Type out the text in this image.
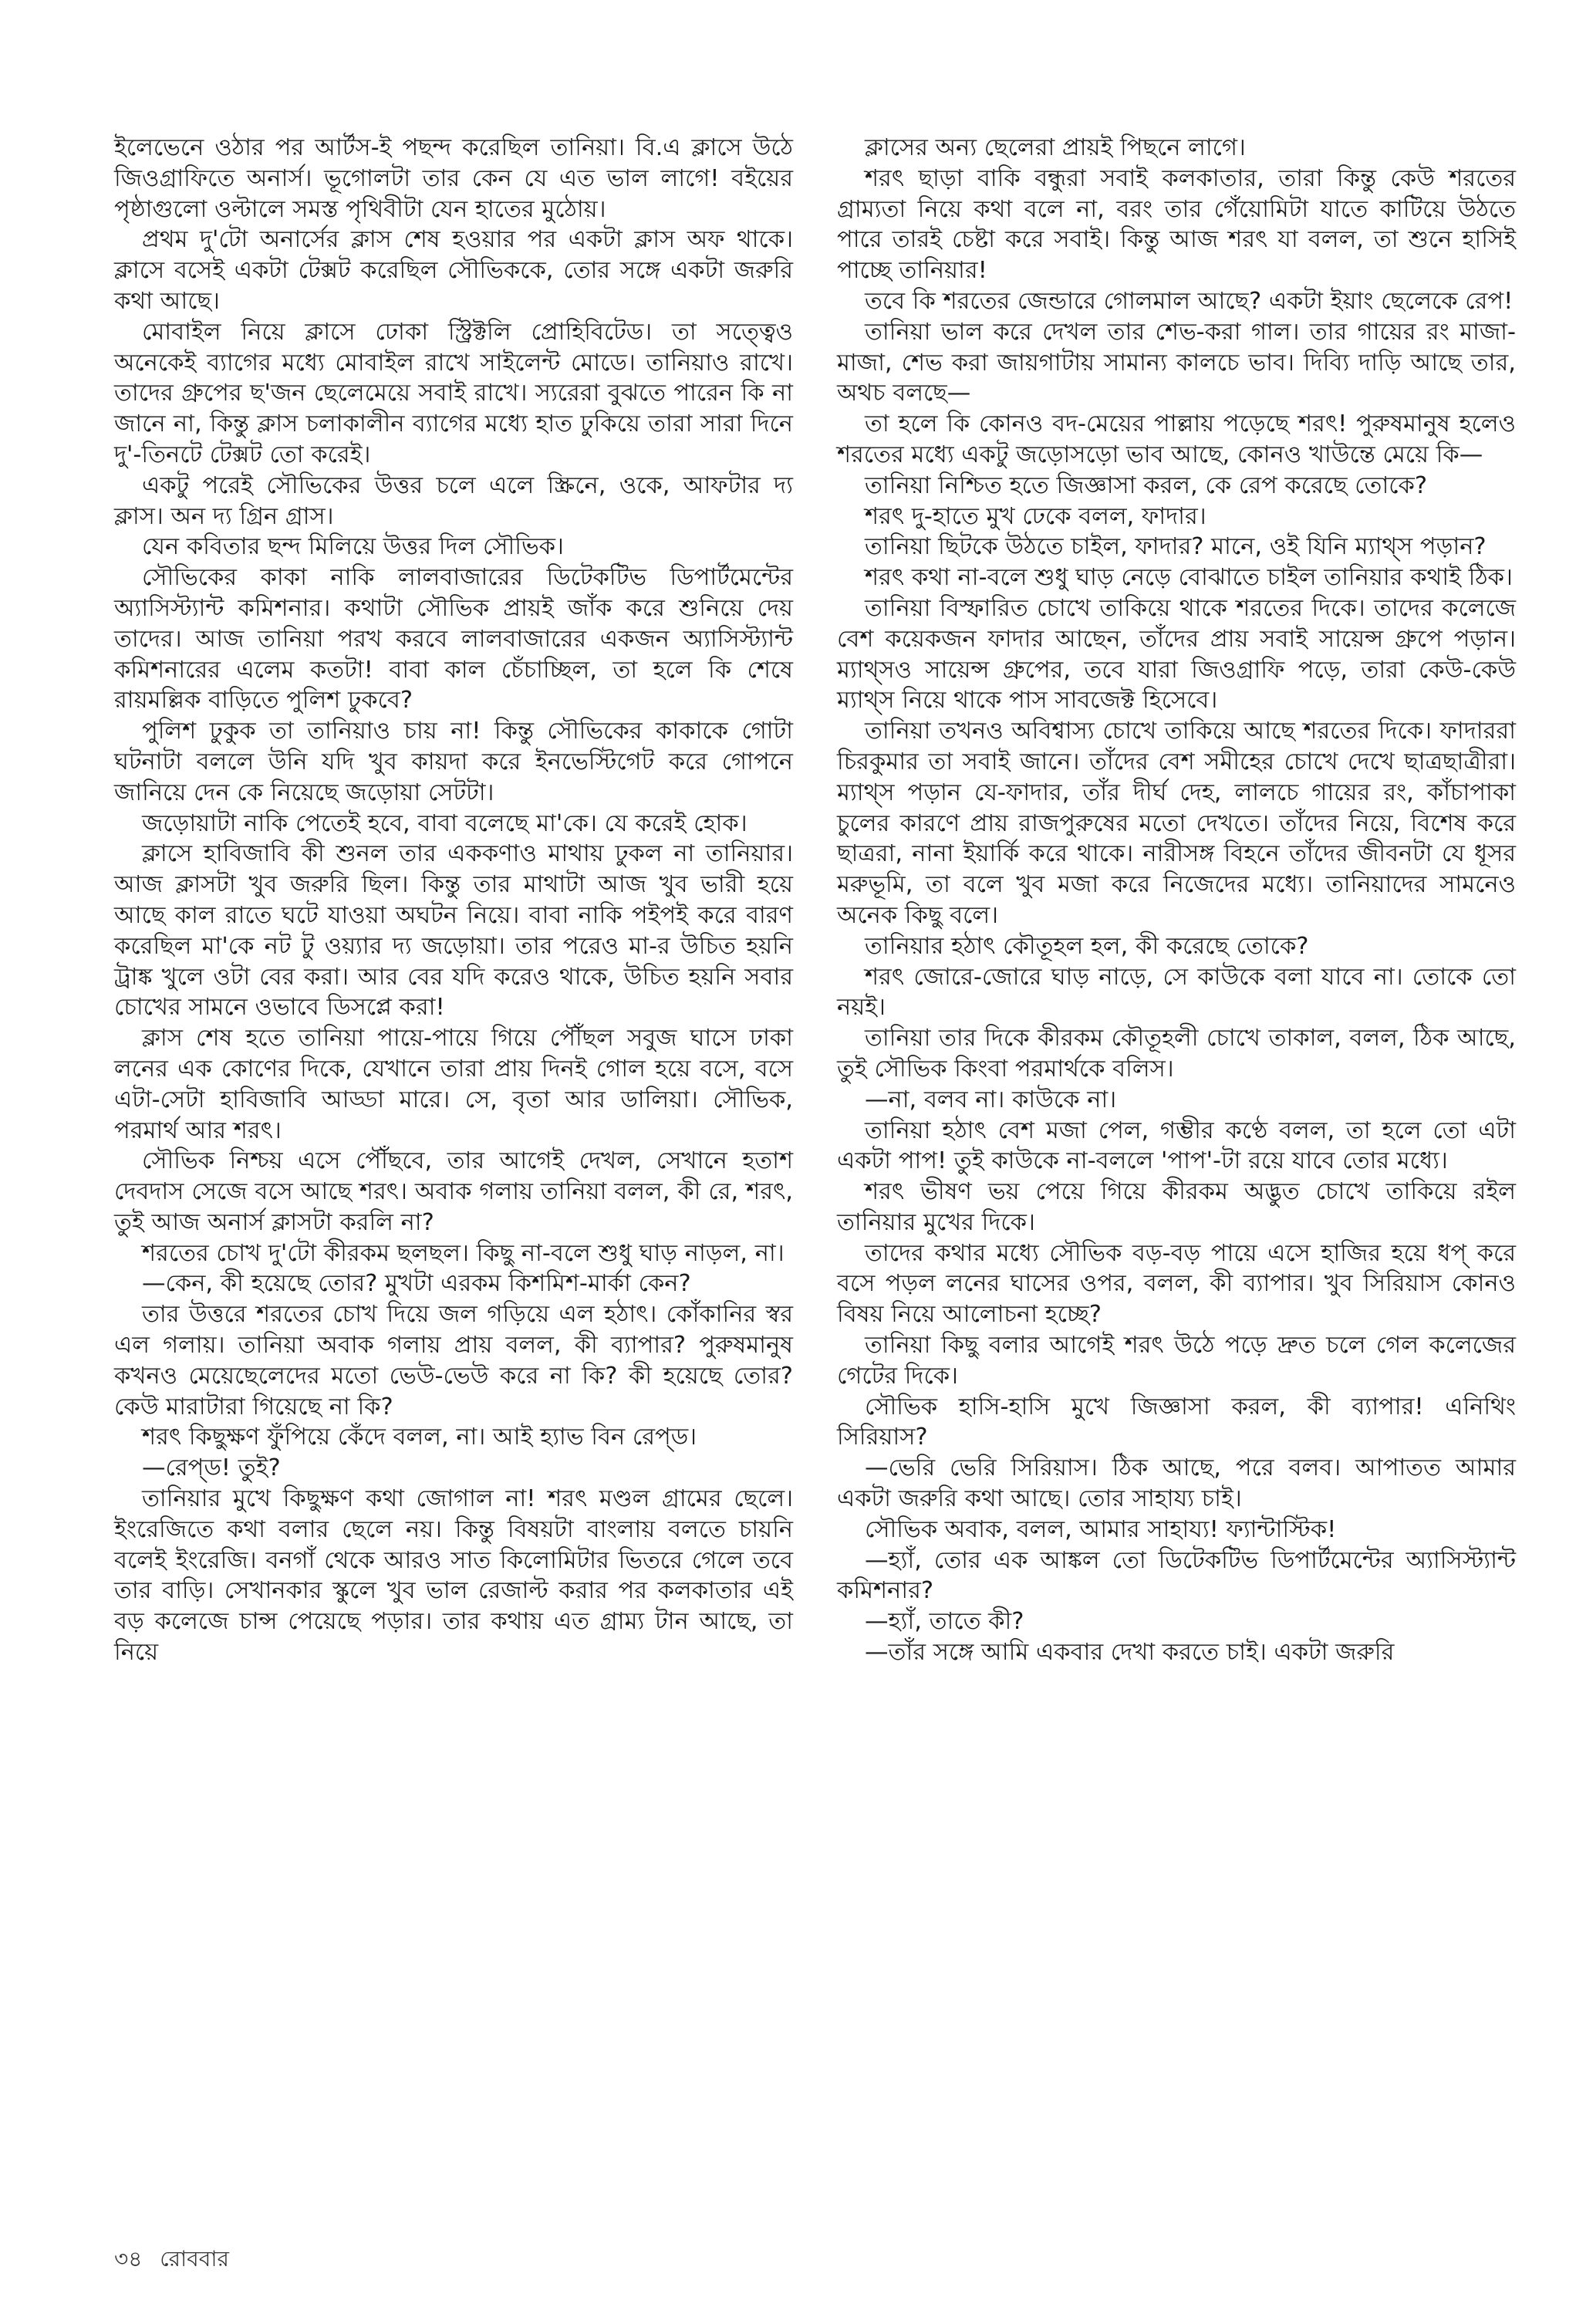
ইলেভেনে ওঠার পর আর্টস-ই পছন্দ করেছিল তানিয়া। বি.এ ক্লাসে উঠে জিওগ্রাফিতে অনার্স। ভূগোলটা তার কেন যে এত ভাল লাগে! বইয়ের পৃষ্ঠাগুলো ওল্টালে সমস্ত পৃথিবীটা যেন হাতের মুঠোয়।

প্রথম দু'টো অনার্সের ক্লাস শেষ হওয়ার পর একটা ক্লাস অফ থাকে। ক্লাসে বসেই একটা টেক্সট করেছিল সৌভিককে, তোর সঙ্গে একটা জরুরি কথা আছে।

মোবাইল নিয়ে ক্লাসে ঢোকা স্ট্রিক্টলি প্রোহিবিটেড। তা সত্ত্বেও অনেকেই ব্যাগের মধ্যে মোবাইল রাখে সাইলেন্ট মোডে। তানিয়াও রাখে। তাদের গ্রুপের ছ'জন ছেলেমেয়ে সবাই রাখে। স্যরেরা বুঝতে পারেন কি না জানে না, কিন্তু ক্লাস চলাকালীন ব্যাগের মধ্যে হাত ঢুকিয়ে তারা সারা দিনে দু'-তিনটে টেক্সট তো করেই।

একটু পরেই সৌভিকের উত্তর চলে এলে স্ক্রিনে, ওকে, আফটার দ্য ক্লাস। অন দ্য গ্রিন গ্রাস।

যেন কবিতার ছন্দ মিলিয়ে উত্তর দিল সৌভিক।

সৌভিকের কাকা নাকি লালবাজারের ডিটেকটিভ ডিপার্টমেন্টের অ্যাসিস্ট্যান্ট কমিশনার। কথাটা সৌভিক প্রায়ই জাঁক করে শুনিয়ে দেয় তাদের। আজ তানিয়া পরখ করবে লালবাজারের একজন অ্যাসিস্ট্যান্ট কমিশনারের এলেম কতটা! বাবা কাল চেঁচাচ্ছিল, তা হলে কি শেষে রায়মল্লিক বাড়িতে পুলিশ ঢুকবে?

পুলিশ ঢুকুক তা তানিয়াও চায় না! কিন্তু সৌভিকের কাকাকে গোটা ঘটনাটা বললে উনি যদি খুব কায়দা করে ইনভেস্টিগেট করে গোপনে জানিয়ে দেন কে নিয়েছে জড়োয়া সেটটা।

জড়োয়াটা নাকি পেতেই হবে, বাবা বলেছে মা'কে। যে করেই হোক।

ক্লাসে হাবিজাবি কী শুনল তার এককণাও মাথায় ঢুকল না তানিয়ার। আজ ক্লাসটা খুব জরুরি ছিল। কিন্তু তার মাথাটা আজ খুব ভারী হয়ে আছে কাল রাতে ঘটে যাওয়া অঘটন নিয়ে। বাবা নাকি পইপই করে বারণ করেছিল মা'কে নট টু ওয়্যার দ্য জড়োয়া। তার পরেও মা-র উচিত হয়নি ট্রাঙ্ক খুলে ওটা বের করা। আর বের যদি করেও থাকে, উচিত হয়নি সবার চোখের সামনে ওভাবে ডিসপ্লে করা!

ক্লাস শেষ হতে তানিয়া পায়ে-পায়ে গিয়ে পৌঁছল সবুজ ঘাসে ঢাকা লনের এক কোণের দিকে, যেখানে তারা প্রায় দিনই গোল হয়ে বসে, বসে এটা-সেটা হাবিজাবি আড্ডা মারে। সে, বৃতা আর ডালিয়া। সৌভিক, পরমার্থ আর শরৎ।

সৌভিক নিশ্চয় এসে পৌঁছবে, তার আগেই দেখল, সেখানে হতাশ দেবদাস সেজে বসে আছে শরৎ। অবাক গলায় তানিয়া বলল, কী রে, শরৎ, তুই আজ অনার্স ক্লাসটা করলি না?

শরতের চোখ দু'টো কীরকম ছলছল। কিছু না-বলে শুধু ঘাড় নাড়ল, না।

—কেন, কী হয়েছে তোর? মুখটা এরকম কিশমিশ-মার্কা কেন?

তার উত্তরে শরতের চোখ দিয়ে জল গড়িয়ে এল হঠাৎ। কোঁকানির স্বর এল গলায়। তানিয়া অবাক গলায় প্রায় বলল, কী ব্যাপার? পুরুষমানুষ কখনও মেয়েছেলেদের মতো ভেউ-ভেউ করে না কি? কী হয়েছে তোর? কেউ মারাটারা গিয়েছে না কি?

শরৎ কিছুক্ষণ ফুঁপিয়ে কেঁদে বলল, না। আই হ্যাভ বিন রেপ্‌ড।

—রেপ্‌ড! তুই?

তানিয়ার মুখে কিছুক্ষণ কথা জোগাল না! শরৎ মণ্ডল গ্রামের ছেলে। ইংরেজিতে কথা বলার ছেলে নয়। কিন্তু বিষয়টা বাংলায় বলতে চায়নি বলেই ইংরেজি। বনগাঁ থেকে আরও সাত কিলোমিটার ভিতরে গেলে তবে তার বাড়ি। সেখানকার স্কুলে খুব ভাল রেজাল্ট করার পর কলকাতার এই বড় কলেজে চান্স পেয়েছে পড়ার। তার কথায় এত গ্রাম্য টান আছে, তা নিয়ে

ক্লাসের অন্য ছেলেরা প্রায়ই পিছনে লাগে।

শরৎ ছাড়া বাকি বন্ধুরা সবাই কলকাতার, তারা কিন্তু কেউ শরতের গ্রাম্যতা নিয়ে কথা বলে না, বরং তার গেঁয়োমিটা যাতে কাটিয়ে উঠতে পারে তারই চেষ্টা করে সবাই। কিন্তু আজ শরৎ যা বলল, তা শুনে হাসিই পাচ্ছে তানিয়ার!

তবে কি শরতের জেন্ডারে গোলমাল আছে? একটা ইয়াং ছেলেকে রেপ!

তানিয়া ভাল করে দেখল তার শেভ-করা গাল। তার গায়ের রং মাজা-মাজা, শেভ করা জায়গাটায় সামান্য কালচে ভাব। দিব্যি দাড়ি আছে তার, অথচ বলছে—

তা হলে কি কোনও বদ-মেয়ের পাল্লায় পড়েছে শরৎ! পুরুষমানুষ হলেও শরতের মধ্যে একটু জড়োসড়ো ভাব আছে, কোনও খাউন্তে মেয়ে কি—

তানিয়া নিশ্চিত হতে জিজ্ঞাসা করল, কে রেপ করেছে তোকে?

শরৎ দু-হাতে মুখ ঢেকে বলল, ফাদার।

তানিয়া ছিটকে উঠতে চাইল, ফাদার? মানে, ওই যিনি ম্যাথ্‌স পড়ান?

শরৎ কথা না-বলে শুধু ঘাড় নেড়ে বোঝাতে চাইল তানিয়ার কথাই ঠিক।

তানিয়া বিস্ফারিত চোখে তাকিয়ে থাকে শরতের দিকে। তাদের কলেজে বেশ কয়েকজন ফাদার আছেন, তাঁদের প্রায় সবাই সায়েন্স গ্রুপে পড়ান। ম্যাথ্‌সও সায়েন্স গ্রুপের, তবে যারা জিওগ্রাফি পড়ে, তারা কেউ-কেউ ম্যাথ্‌স নিয়ে থাকে পাস সাবজেক্ট হিসেবে।

তানিয়া তখনও অবিশ্বাস্য চোখে তাকিয়ে আছে শরতের দিকে। ফাদাররা চিরকুমার তা সবাই জানে। তাঁদের বেশ সমীহের চোখে দেখে ছাত্রছাত্রীরা। ম্যাথ্‌স পড়ান যে-ফাদার, তাঁর দীর্ঘ দেহ, লালচে গায়ের রং, কাঁচাপাকা চুলের কারণে প্রায় রাজপুরুষের মতো দেখতে। তাঁদের নিয়ে, বিশেষ করে ছাত্ররা, নানা ইয়ার্কি করে থাকে। নারীসঙ্গ বিহনে তাঁদের জীবনটা যে ধূসর মরুভূমি, তা বলে খুব মজা করে নিজেদের মধ্যে। তানিয়াদের সামনেও অনেক কিছু বলে।

তানিয়ার হঠাৎ কৌতূহল হল, কী করেছে তোকে?

শরৎ জোরে-জোরে ঘাড় নাড়ে, সে কাউকে বলা যাবে না। তোকে তো নয়ই।

তানিয়া তার দিকে কীরকম কৌতূহলী চোখে তাকাল, বলল, ঠিক আছে, তুই সৌভিক কিংবা পরমার্থকে বলিস।

—না, বলব না। কাউকে না।

তানিয়া হঠাৎ বেশ মজা পেল, গম্ভীর কণ্ঠে বলল, তা হলে তো এটা একটা পাপ! তুই কাউকে না-বললে 'পাপ'-টা রয়ে যাবে তোর মধ্যে।

শরৎ ভীষণ ভয় পেয়ে গিয়ে কীরকম অদ্ভুত চোখে তাকিয়ে রইল তানিয়ার মুখের দিকে।

তাদের কথার মধ্যে সৌভিক বড়-বড় পায়ে এসে হাজির হয়ে ধপ্ করে বসে পড়ল লনের ঘাসের ওপর, বলল, কী ব্যাপার। খুব সিরিয়াস কোনও বিষয় নিয়ে আলোচনা হচ্ছে?

তানিয়া কিছু বলার আগেই শরৎ উঠে পড়ে দ্রুত চলে গেল কলেজের গেটের দিকে।

সৌভিক হাসি-হাসি মুখে জিজ্ঞাসা করল, কী ব্যাপার! এনিথিং সিরিয়াস?

—ভেরি ভেরি সিরিয়াস। ঠিক আছে, পরে বলব। আপাতত আমার একটা জরুরি কথা আছে। তোর সাহায্য চাই।

সৌভিক অবাক, বলল, আমার সাহায্য! ফ্যান্টাস্টিক!

—হ্যাঁ, তোর এক আঙ্কল তো ডিটেকটিভ ডিপার্টমেন্টের অ্যাসিস্ট্যান্ট কমিশনার?

—হ্যাঁ, তাতে কী?

—তাঁর সঙ্গে আমি একবার দেখা করতে চাই। একটা জরুরি

৩৪ রোববার
